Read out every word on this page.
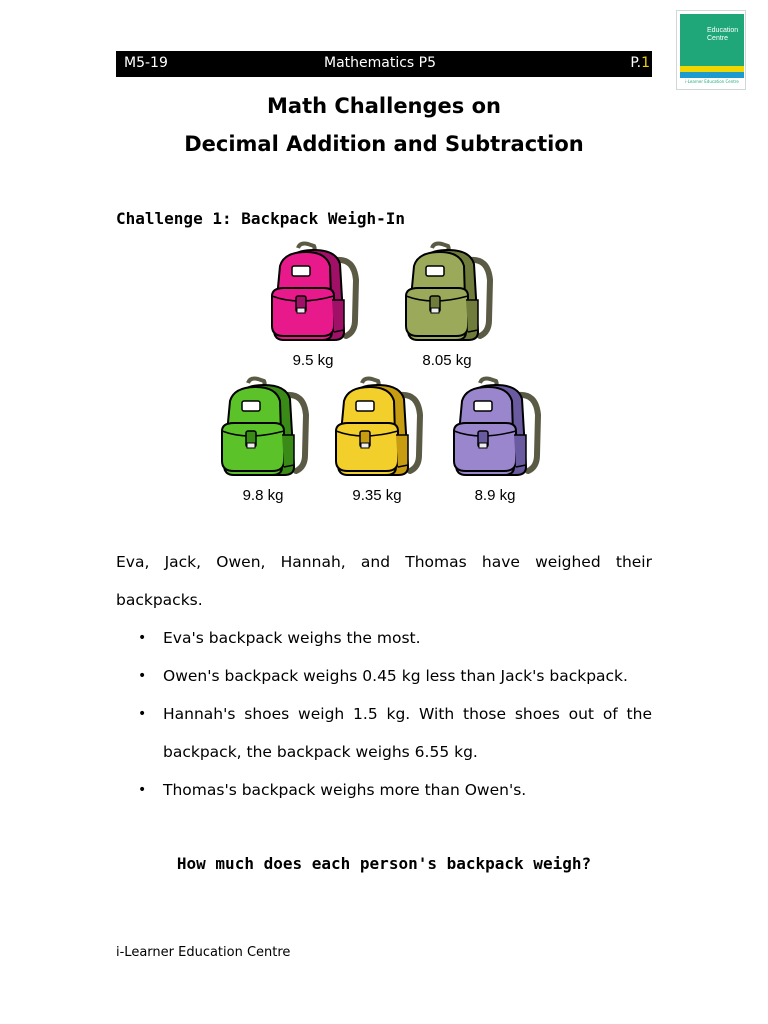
Education Centre
i-Learner Education Centre
M5-19	Mathematics P5	P.1
Math Challenges on
Decimal Addition and Subtraction
Challenge 1: Backpack Weigh-In
9.5 kg	8.05 kg
9.8 kg	9.35 kg	8.9 kg

Eva, Jack, Owen, Hannah, and Thomas have weighed their backpacks.

• Eva's backpack weighs the most.
• Owen's backpack weighs 0.45 kg less than Jack's backpack.
• Hannah's shoes weigh 1.5 kg. With those shoes out of the backpack, the backpack weighs 6.55 kg.
• Thomas's backpack weighs more than Owen's.
How much does each person's backpack weigh?
i-Learner Education Centre
